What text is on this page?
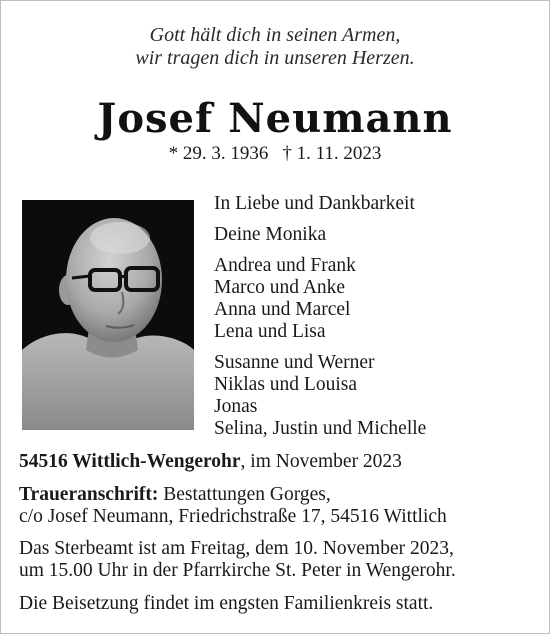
Gott hält dich in seinen Armen,
wir tragen dich in unseren Herzen.
Josef Neumann
* 29. 3. 1936 † 1. 11. 2023
In Liebe und Dankbarkeit
Deine Monika
Andrea und Frank
Marco und Anke
Anna und Marcel
Lena und Lisa
Susanne und Werner
Niklas und Louisa
Jonas
Selina, Justin und Michelle
54516 Wittlich-Wengerohr, im November 2023
Traueranschrift: Bestattungen Gorges,
c/o Josef Neumann, Friedrichstraße 17, 54516 Wittlich
Das Sterbeamt ist am Freitag, dem 10. November 2023,
um 15.00 Uhr in der Pfarrkirche St. Peter in Wengerohr.
Die Beisetzung findet im engsten Familienkreis statt.
